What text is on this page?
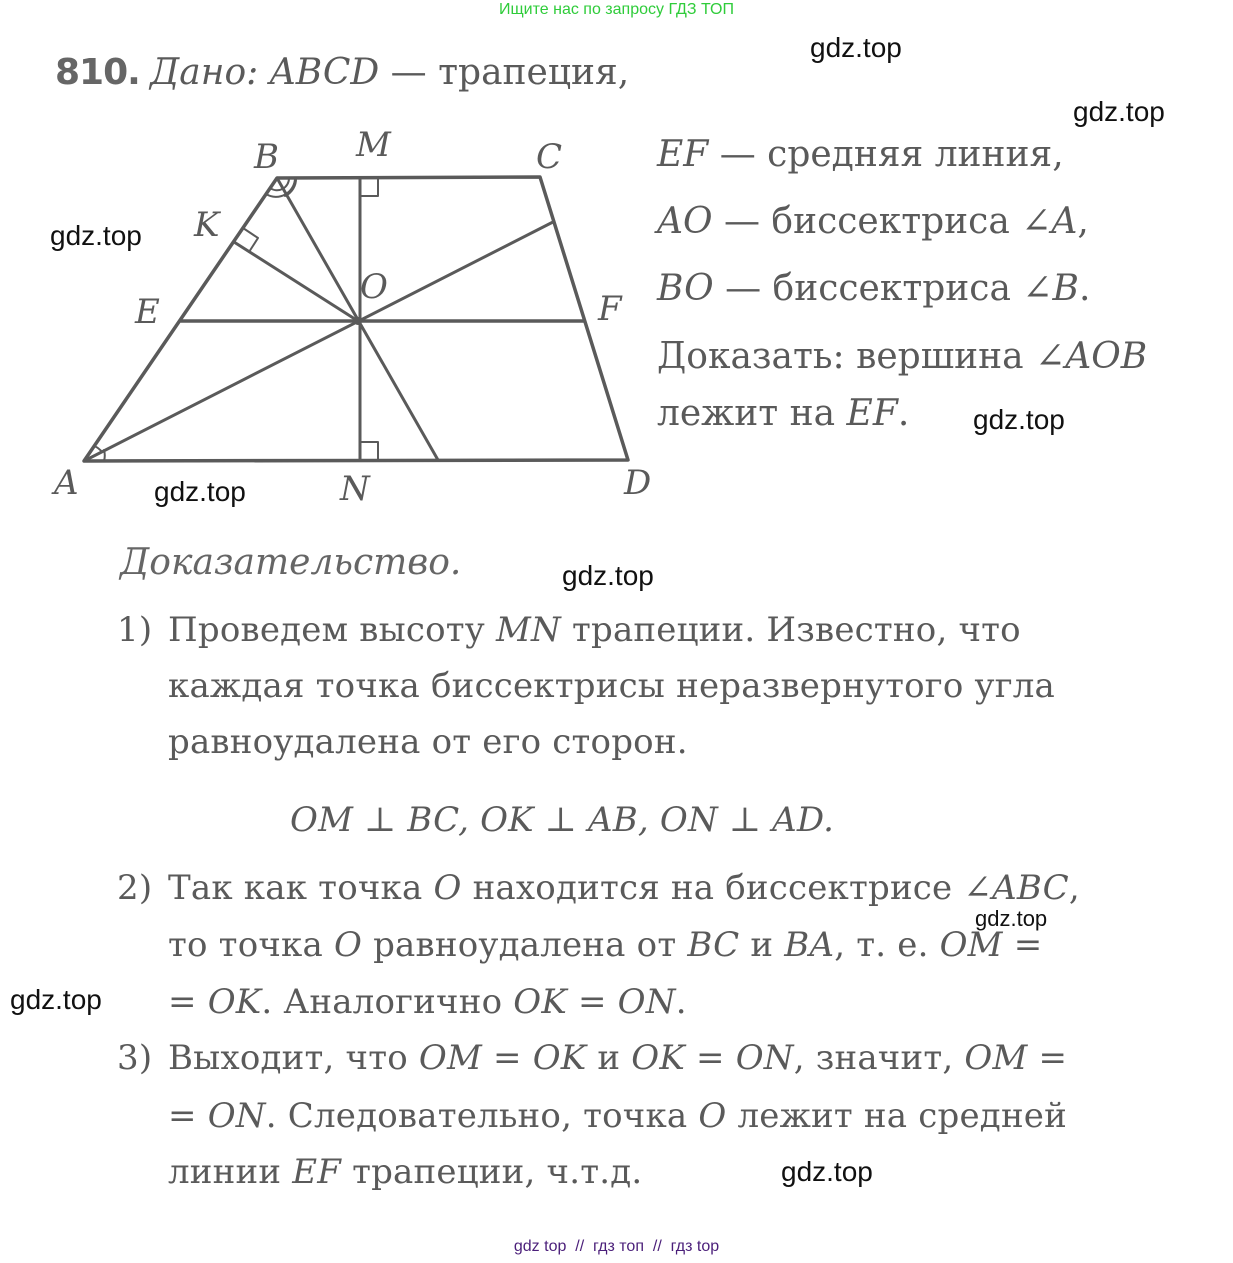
Ищите нас по запросу ГДЗ ТОП
gdz.top
gdz.top
gdz.top
gdz.top
gdz.top
gdz.top
gdz.top
gdz.top
gdz.top
810. Дано: ABCD — трапеция,
EF — средняя линия,
AO — биссектриса ∠A,
BO — биссектриса ∠B.
Доказать: вершина ∠AOB
лежит на EF.
B M	C
K
O
E	F
A	N	D
Доказательство.
1) Проведем высоту MN трапеции. Известно, что
каждая точка биссектрисы неразвернутого угла
равноудалена от его сторон.
OM ⊥ BC, OK ⊥ AB, ON ⊥ AD.
2) Так как точка O находится на биссектрисе ∠ABC,
то точка O равноудалена от BC и BA, т. е. OM =
= OK. Аналогично OK = ON.
3) Выходит, что OM = OK и OK = ON, значит, OM =
= ON. Следовательно, точка O лежит на средней
линии EF трапеции, ч.т.д.
gdz top  //  гдз топ  //  гдз top
